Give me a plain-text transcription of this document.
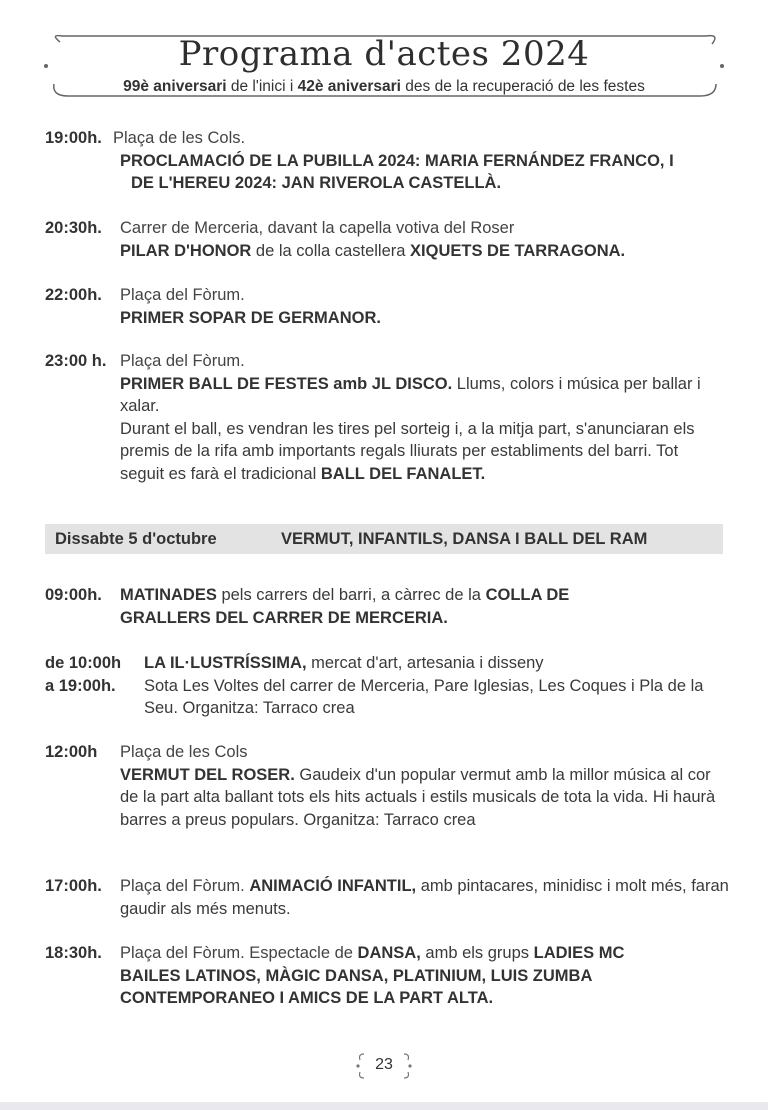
Programa d'actes 2024

99è aniversari de l'inici i 42è aniversari des de la recuperació de les festes

19:00h. Plaça de les Cols.

PROCLAMACIÓ DE LA PUBILLA 2024: MARIA FERNÁNDEZ FRANCO, I

DE L'HEREU 2024: JAN RIVEROLA CASTELLÀ.
20:30h. Carrer de Merceria, davant la capella votiva del Roser
PILAR D'HONOR de la colla castellera XIQUETS DE TARRAGONA.
22:00h. Plaça del Fòrum.
PRIMER SOPAR DE GERMANOR.
23:00 h. Plaça del Fòrum.
PRIMER BALL DE FESTES amb JL DISCO. Llums, colors i música per ballar i xalar.
Durant el ball, es vendran les tires pel sorteig i, a la mitja part, s'anunciaran els premis de la rifa amb importants regals lliurats per establiments del barri. Tot seguit es farà el tradicional BALL DEL FANALET.
Dissabte 5 d'octubre	VERMUT, INFANTILS, DANSA I BALL DEL RAM
09:00h. MATINADES pels carrers del barri, a càrrec de la COLLA DE GRALLERS DEL CARRER DE MERCERIA.
de 10:00h
a 19:00h.
LA IL·LUSTRÍSSIMA, mercat d'art, artesania i disseny
Sota Les Voltes del carrer de Merceria, Pare Iglesias, Les Coques i Pla de la Seu. Organitza: Tarraco crea
12:00h Plaça de les Cols
VERMUT DEL ROSER. Gaudeix d'un popular vermut amb la millor música al cor de la part alta ballant tots els hits actuals i estils musicals de tota la vida. Hi haurà barres a preus populars. Organitza: Tarraco crea
17:00h. Plaça del Fòrum. ANIMACIÓ INFANTIL, amb pintacares, minidisc i molt més, faran gaudir als més menuts.
18:30h. Plaça del Fòrum. Espectacle de DANSA, amb els grups LADIES MC BAILES LATINOS, MÀGIC DANSA, PLATINIUM, LUIS ZUMBA CONTEMPORANEO I AMICS DE LA PART ALTA.
23
